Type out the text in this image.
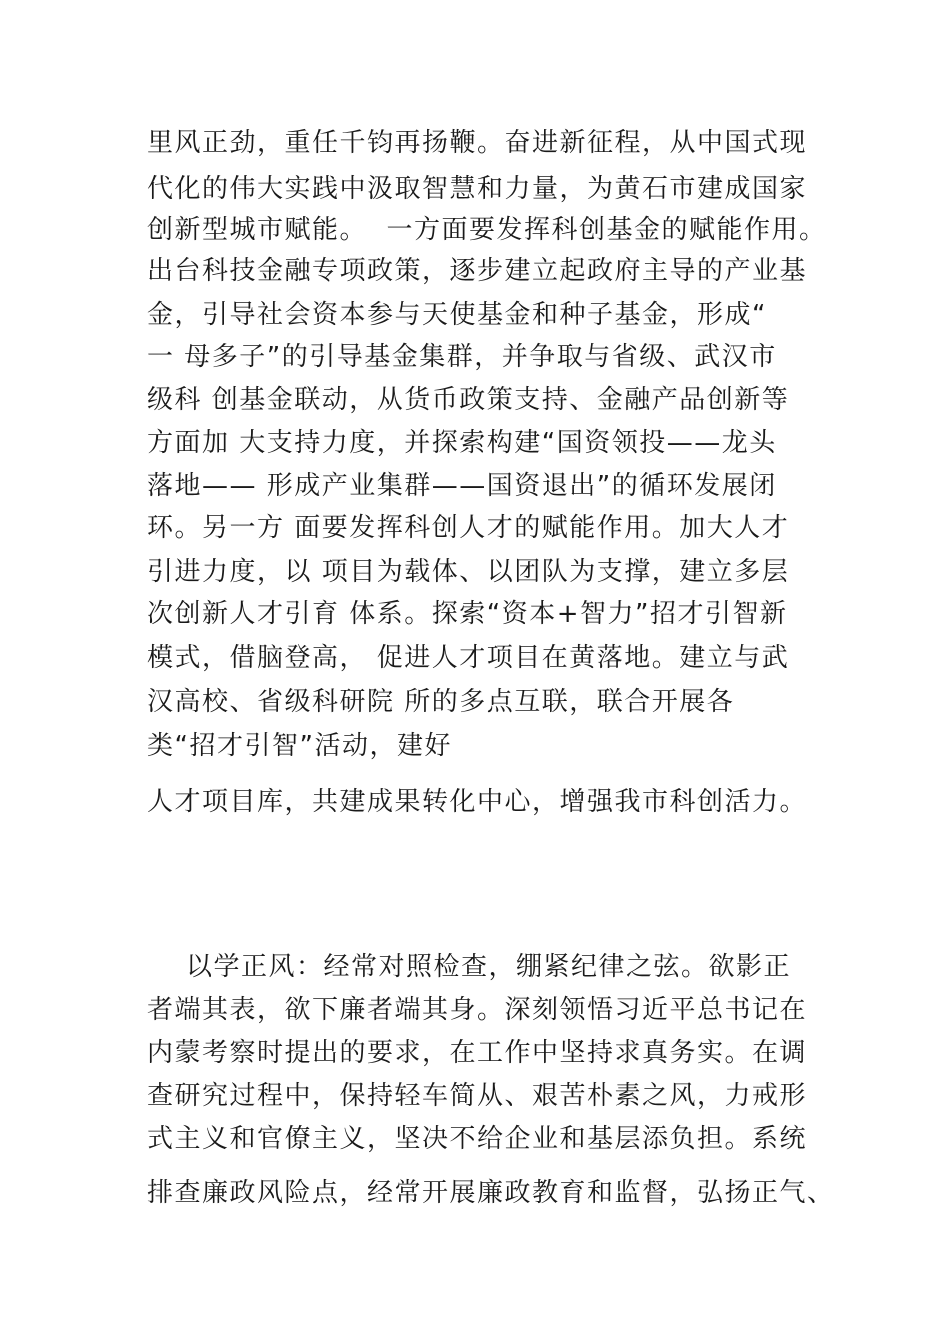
里风正劲，重任千钧再扬鞭。奋进新征程，从中国式现
代化的伟大实践中汲取智慧和力量，为黄石市建成国家
创新型城市赋能。  一方面要发挥科创基金的赋能作用。
出台科技金融专项政策，逐步建立起政府主导的产业基
金，引导社会资本参与天使基金和种子基金，形成“
一 母多子”的引导基金集群，并争取与省级、武汉市
级科 创基金联动，从货币政策支持、金融产品创新等
方面加 大支持力度，并探索构建“国资领投——龙头
落地—— 形成产业集群——国资退出”的循环发展闭
环。另一方 面要发挥科创人才的赋能作用。加大人才
引进力度，以 项目为载体、以团队为支撑，建立多层
次创新人才引育 体系。探索“资本+智力”招才引智新
模式，借脑登高， 促进人才项目在黄落地。建立与武
汉高校、省级科研院 所的多点互联，联合开展各
类“招才引智”活动，建好
人才项目库，共建成果转化中心，增强我市科创活力。
以学正风：经常对照检查，绷紧纪律之弦。欲影正
者端其表，欲下廉者端其身。深刻领悟习近平总书记在
内蒙考察时提出的要求，在工作中坚持求真务实。在调
查研究过程中，保持轻车简从、艰苦朴素之风，力戒形
式主义和官僚主义，坚决不给企业和基层添负担。系统
排查廉政风险点，经常开展廉政教育和监督，弘扬正气、
